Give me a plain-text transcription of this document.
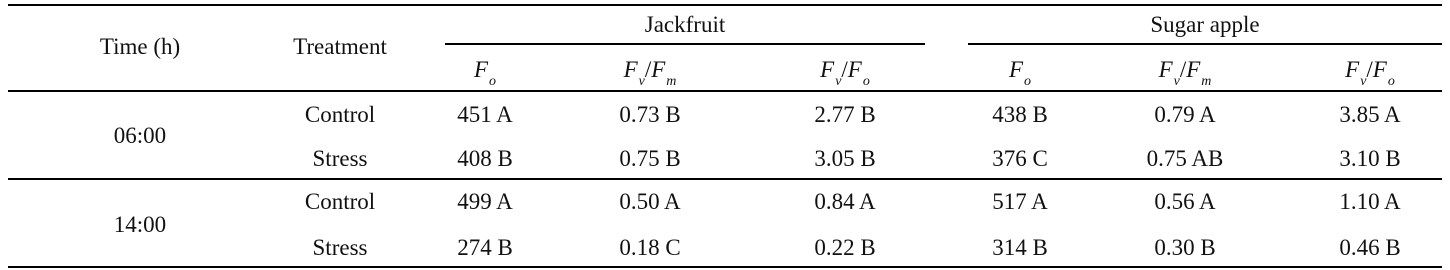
Time (h)	Treatment
Jackfruit	Sugar apple
$F_o$	$F_v/F_m$	$F_v/F_o$	$F_o$	$F_v/F_m$	$F_v/F_o$
06:00
Control	451 A	0.73 B	2.77 B	438 B	0.79 A	3.85 A
Stress	408 B	0.75 B	3.05 B	376 C	0.75 AB	3.10 B
14:00
Control	499 A	0.50 A	0.84 A	517 A	0.56 A	1.10 A
Stress	274 B	0.18 C	0.22 B	314 B	0.30 B	0.46 B
